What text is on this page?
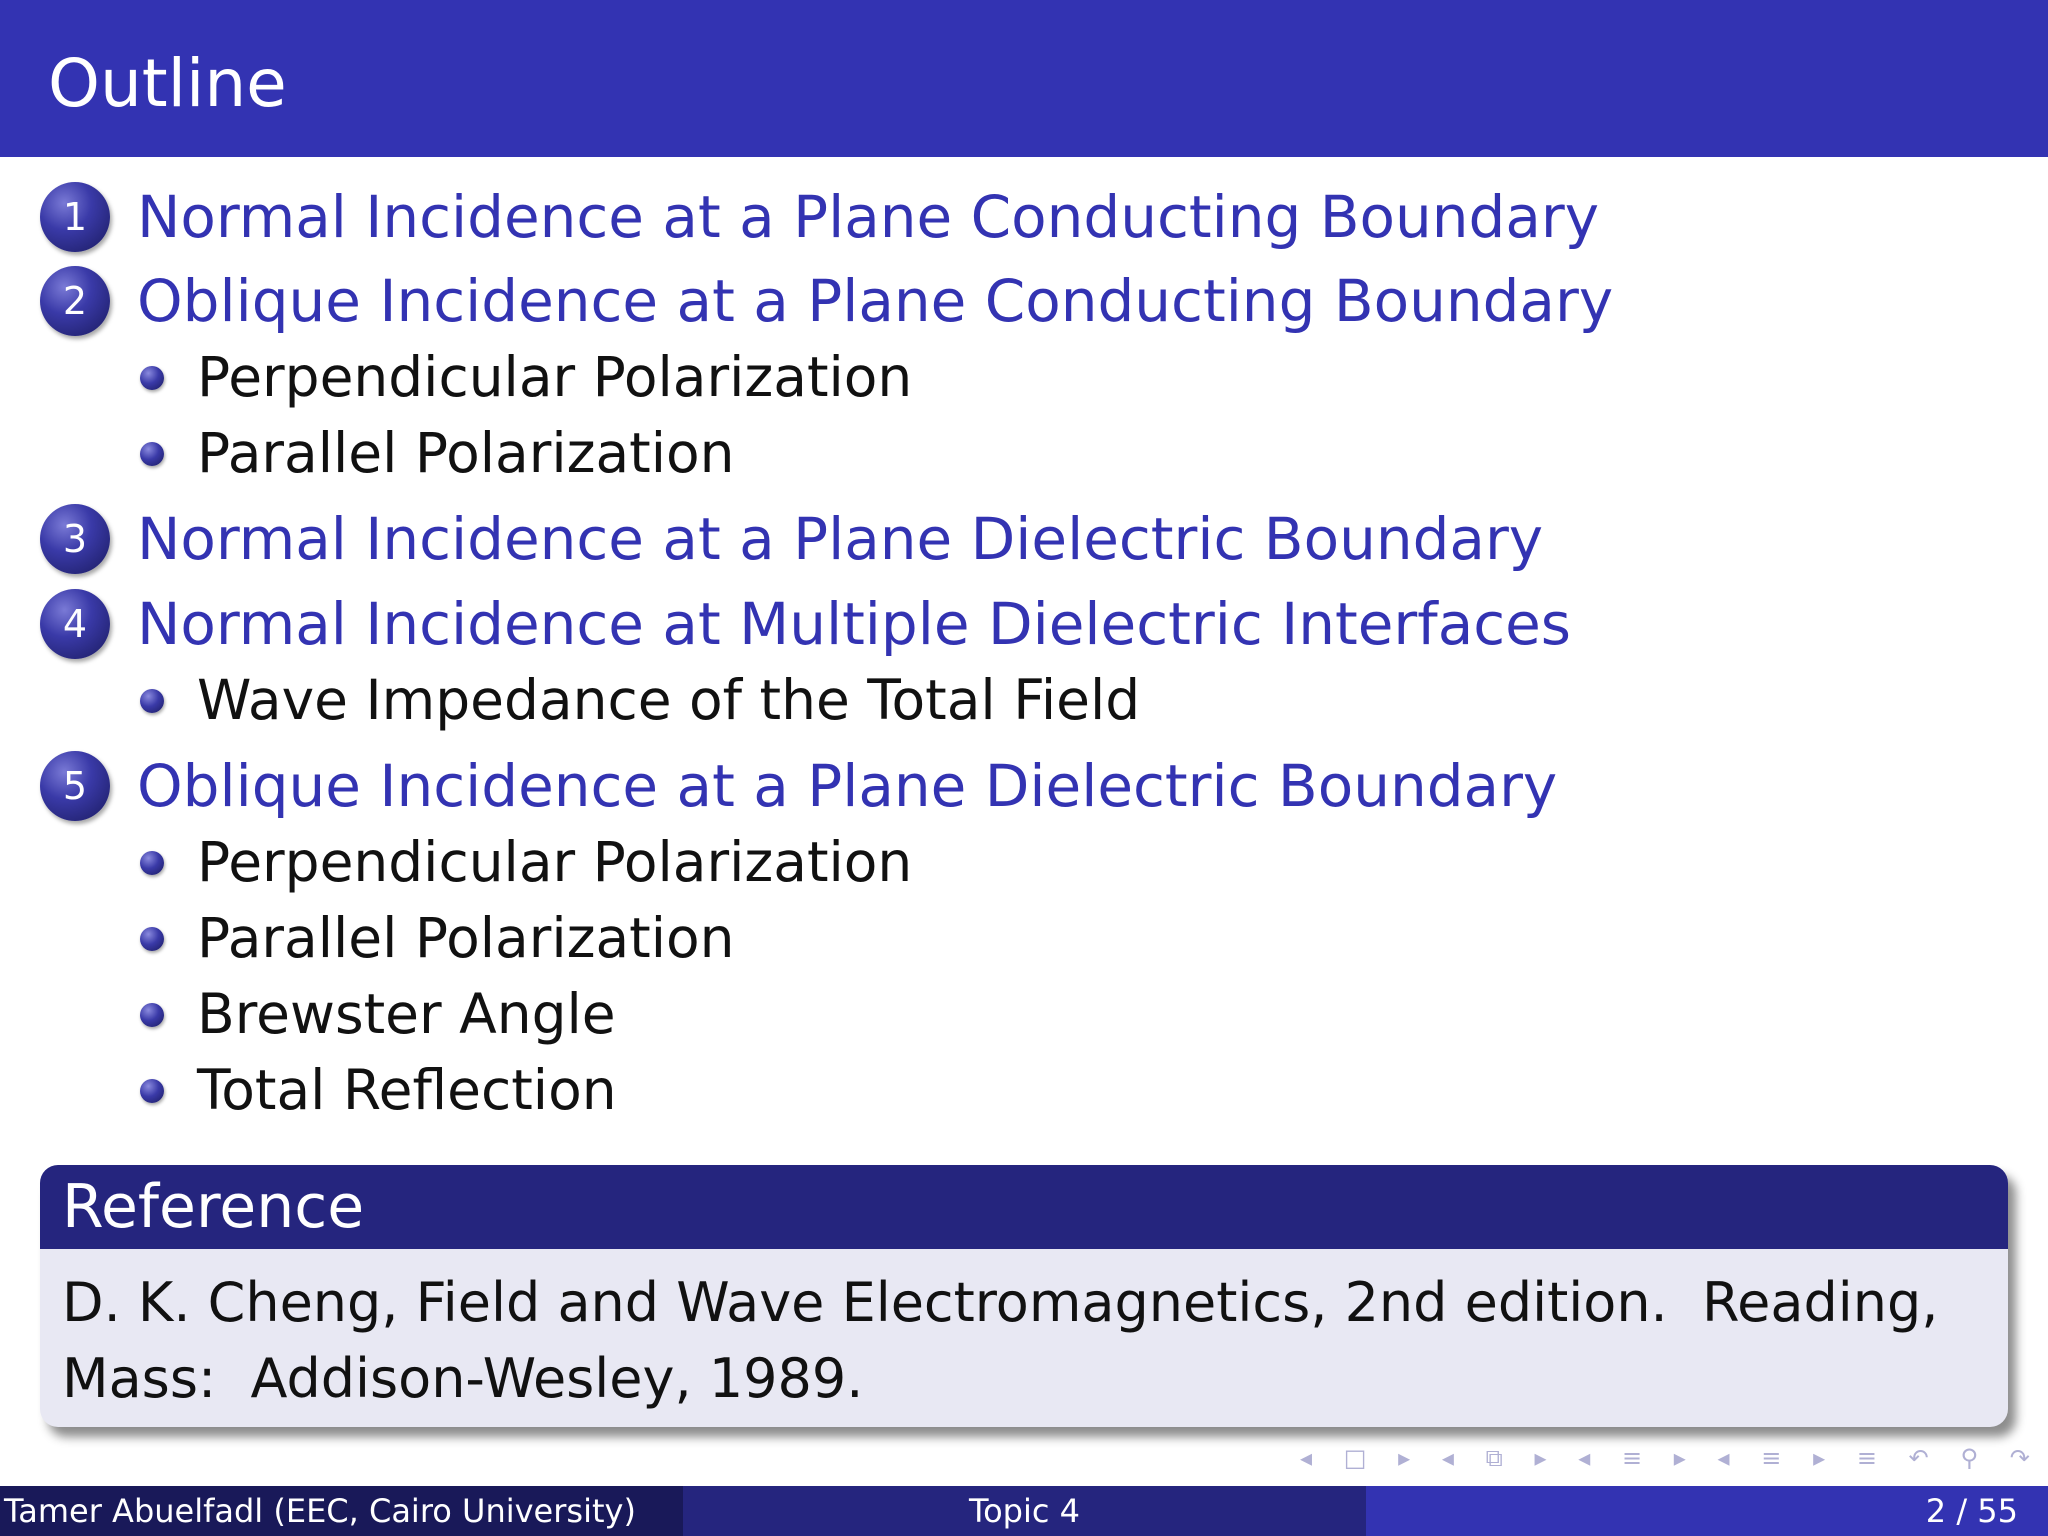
Outline
1 Normal Incidence at a Plane Conducting Boundary
2 Oblique Incidence at a Plane Conducting Boundary
Perpendicular Polarization
Parallel Polarization
3 Normal Incidence at a Plane Dielectric Boundary
4 Normal Incidence at Multiple Dielectric Interfaces
Wave Impedance of the Total Field
5 Oblique Incidence at a Plane Dielectric Boundary
Perpendicular Polarization
Parallel Polarization
Brewster Angle
Total Reflection
Reference
D. K. Cheng, Field and Wave Electromagnetics, 2nd edition.  Reading,
Mass:  Addison-Wesley, 1989.
◂ □ ▸ ◂ ⧉ ▸ ◂ ≡ ▸ ◂ ≡ ▸ ≡ ↶ ⚲ ↷
Tamer Abuelfadl (EEC, Cairo University)	Topic 4	2 / 55
